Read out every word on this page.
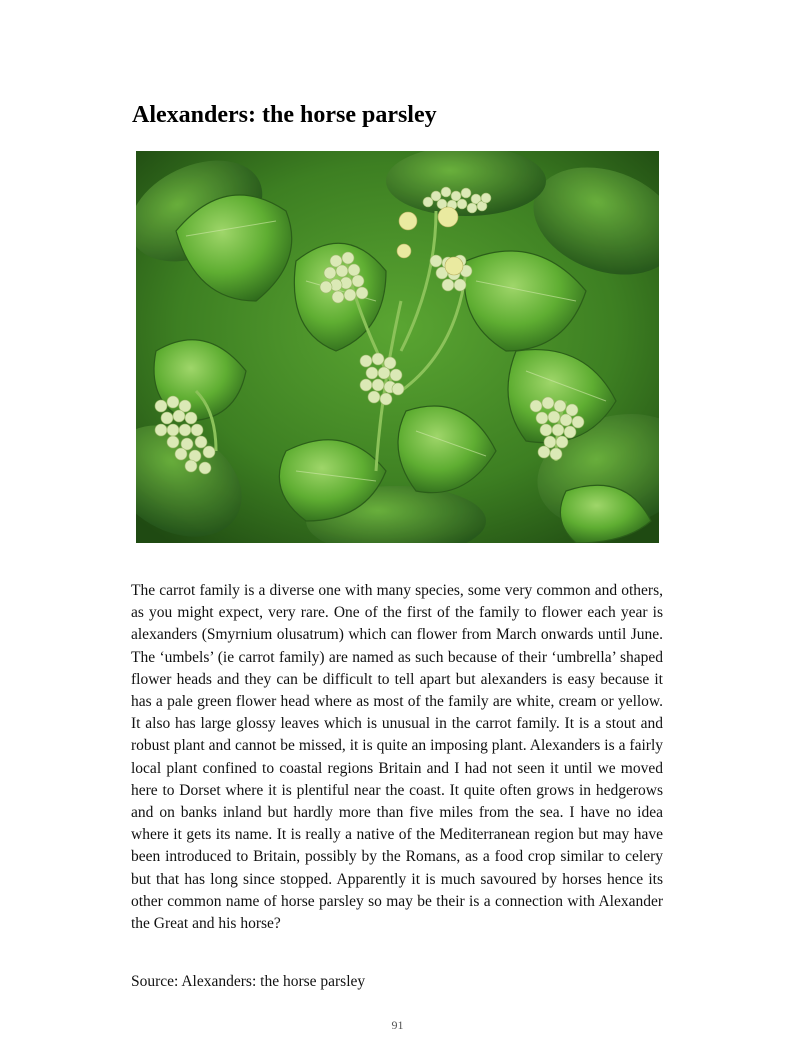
Alexanders: the horse parsley

The carrot family is a diverse one with many species, some very common and others, as you might expect, very rare. One of the first of the family to flower each year is alexanders (Smyrnium olusatrum) which can flower from March onwards until June. The ‘umbels’ (ie carrot family) are named as such because of their ‘umbrella’ shaped flower heads and they can be difficult to tell apart but alexanders is easy because it has a pale green flower head where as most of the family are white, cream or yellow. It also has large glossy leaves which is unusual in the carrot family. It is a stout and robust plant and cannot be missed, it is quite an imposing plant. Alexanders is a fairly local plant confined to coastal regions Britain and I had not seen it until we moved here to Dorset where it is plentiful near the coast. It quite often grows in hedgerows and on banks inland but hardly more than five miles from the sea. I have no idea where it gets its name. It is really a native of the Mediterranean region but may have been introduced to Britain, possibly by the Romans, as a food crop similar to celery but that has long since stopped. Apparently it is much savoured by horses hence its other common name of horse parsley so may be their is a connection with Alexander the Great and his horse?

Source: Alexanders: the horse parsley

91
